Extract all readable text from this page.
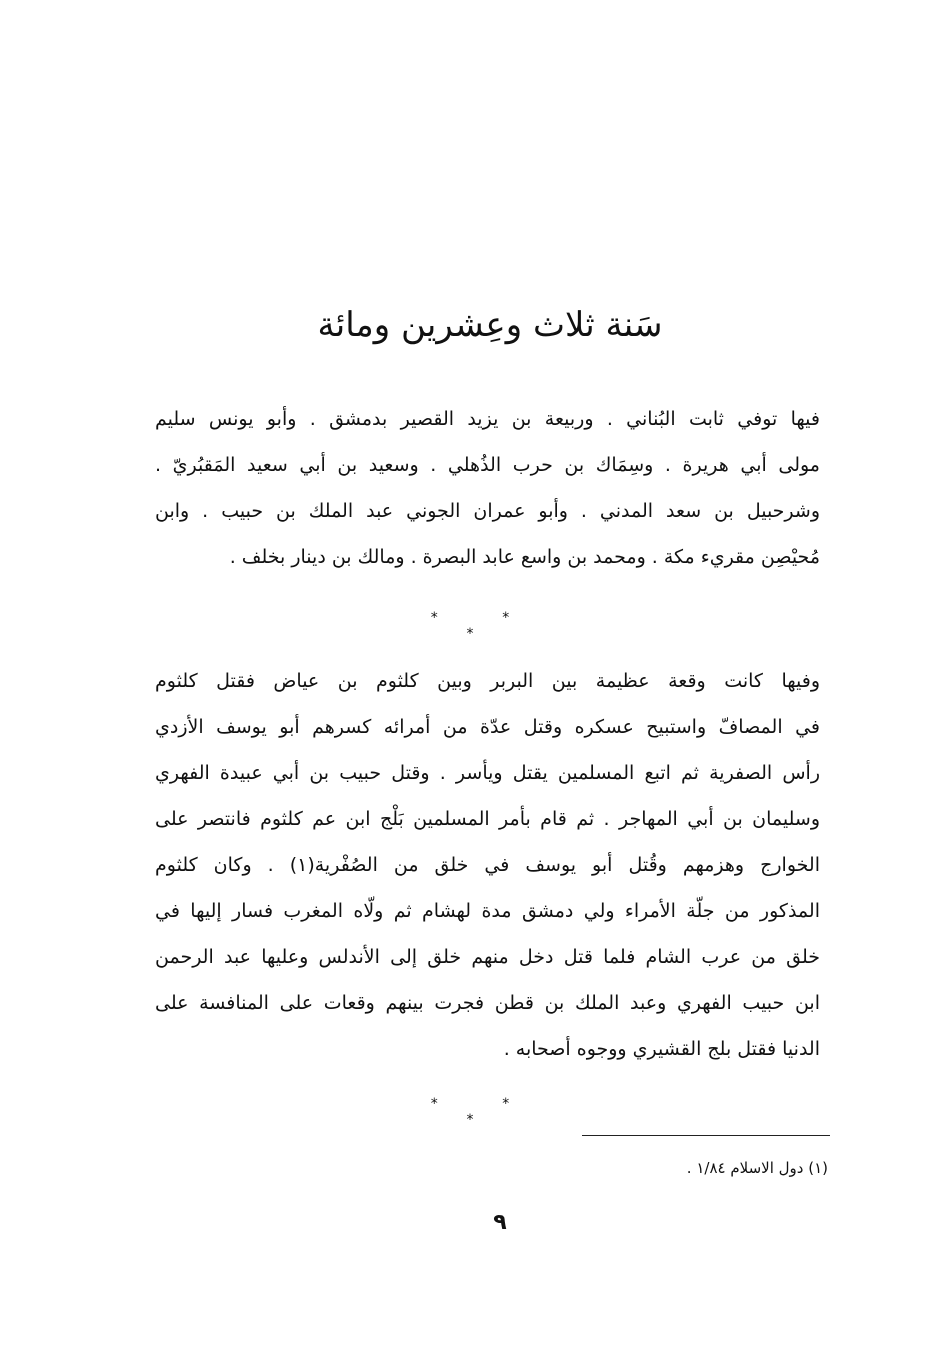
سَنة ثلاث وعِشرين ومائة

فيها توفي ثابت البُناني . وربيعة بن يزيد القصير بدمشق . وأبو يونس سليم
مولى أبي هريرة . وسِمَاك بن حرب الذُهلي . وسعيد بن أبي سعيد المَقبُريّ .
وشرحبيل بن سعد المدني . وأبو عمران الجوني عبد الملك بن حبيب . وابن
مُحيْصِن مقريء مكة . ومحمد بن واسع عابد البصرة . ومالك بن دينار بخلف .

* * *

وفيها كانت وقعة عظيمة بين البربر وبين كلثوم بن عياض فقتل كلثوم
في المصافّ واستبيح عسكره وقتل عدّة من أمرائه كسرهم أبو يوسف الأزدي
رأس الصفرية ثم اتبع المسلمين يقتل ويأسر . وقتل حبيب بن أبي عبيدة الفهري
وسليمان بن أبي المهاجر . ثم قام بأمر المسلمين بَلْج ابن عم كلثوم فانتصر على
الخوارج وهزمهم وقُتل أبو يوسف في خلق من الصُفْرية(١) . وكان كلثوم
المذكور من جلّة الأمراء ولي دمشق مدة لهشام ثم ولّاه المغرب فسار إليها في
خلق من عرب الشام فلما قتل دخل منهم خلق إلى الأندلس وعليها عبد الرحمن
ابن حبيب الفهري وعبد الملك بن قطن فجرت بينهم وقعات على المنافسة على
الدنيا فقتل بلج القشيري ووجوه أصحابه .

* * *
(١) دول الاسلام ١/٨٤ .
٩
